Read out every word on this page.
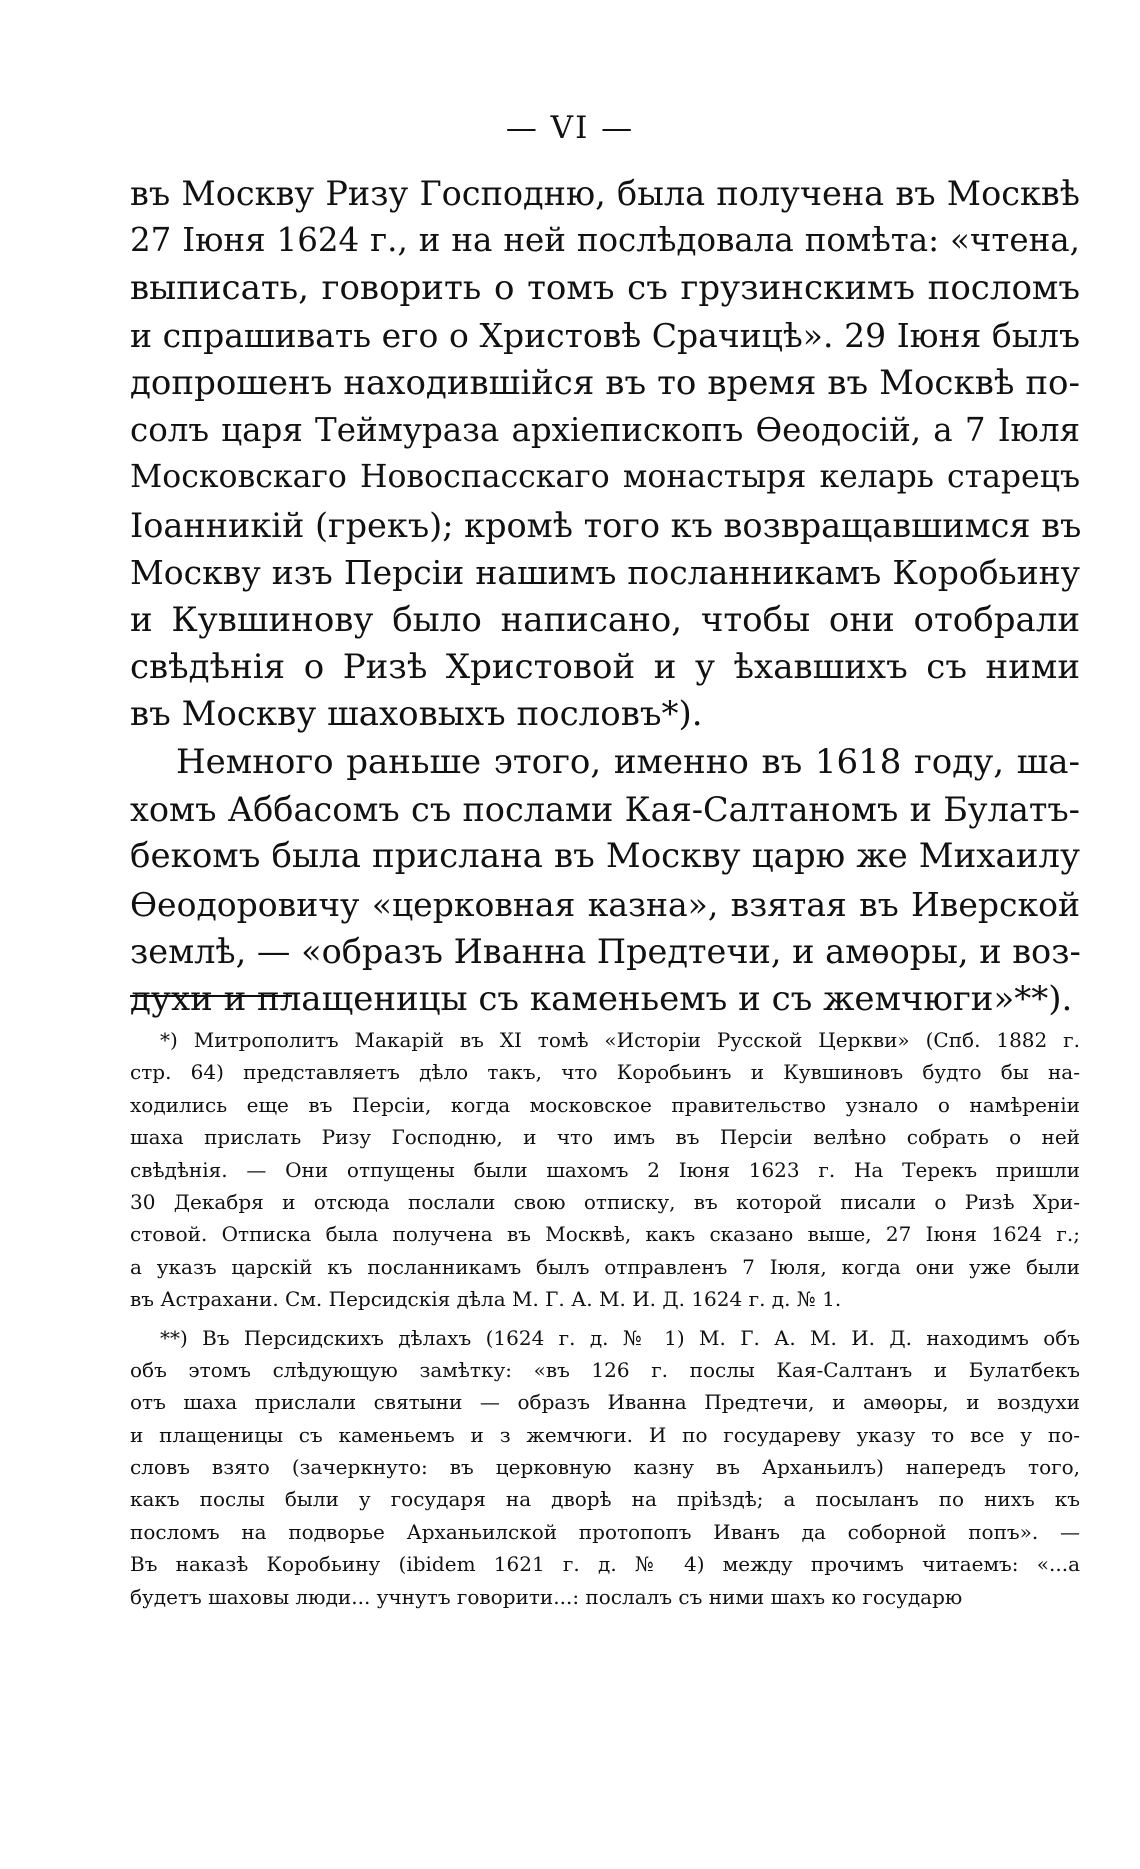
— VI —
въ Москву Ризу Господню, была получена въ Москвѣ
27 Іюня 1624 г., и на ней послѣдовала помѣта: «чтена,
выписать, говорить о томъ съ грузинскимъ посломъ
и спрашивать его о Христовѣ Срачицѣ». 29 Іюня былъ
допрошенъ находившійся въ то время въ Москвѣ по-
солъ царя Теймураза архіепископъ Ѳеодосій, а 7 Іюля
Московскаго Новоспасскаго монастыря келарь старецъ
Іоанникій (грекъ); кромѣ того къ возвращавшимся въ
Москву изъ Персіи нашимъ посланникамъ Коробьину
и Кувшинову было написано, чтобы они отобрали
свѣдѣнія о Ризѣ Христовой и у ѣхавшихъ съ ними
въ Москву шаховыхъ пословъ*).
Немного раньше этого, именно въ 1618 году, ша-
хомъ Аббасомъ съ послами Кая-Салтаномъ и Булатъ-
бекомъ была прислана въ Москву царю же Михаилу
Ѳеодоровичу «церковная казна», взятая въ Иверской
землѣ, — «образъ Иванна Предтечи, и амѳоры, и воз-
духи и плащеницы съ каменьемъ и съ жемчюги»**).
*) Митрополитъ Макарій въ XI томѣ «Исторіи Русской Церкви» (Спб. 1882 г.
стр. 64) представляетъ дѣло такъ, что Коробьинъ и Кувшиновъ будто бы на-
ходились еще въ Персіи, когда московское правительство узнало о намѣреніи
шаха прислать Ризу Господню, и что имъ въ Персіи велѣно собрать о ней
свѣдѣнія. — Они отпущены были шахомъ 2 Іюня 1623 г. На Терекъ пришли
30 Декабря и отсюда послали свою отписку, въ которой писали о Ризѣ Хри-
стовой. Отписка была получена въ Москвѣ, какъ сказано выше, 27 Іюня 1624 г.;
а указъ царскій къ посланникамъ былъ отправленъ 7 Іюля, когда они уже были
въ Астрахани. См. Персидскія дѣла М. Г. А. М. И. Д. 1624 г. д. № 1.
**) Въ Персидскихъ дѣлахъ (1624 г. д. № 1) М. Г. А. М. И. Д. находимъ объ
объ этомъ слѣдующую замѣтку: «въ 126 г. послы Кая-Салтанъ и Булатбекъ
отъ шаха прислали святыни — образъ Иванна Предтечи, и амѳоры, и воздухи
и плащеницы съ каменьемъ и з жемчюги. И по государеву указу то все у по-
словъ взято (зачеркнуто: въ церковную казну въ Арханьилъ) напередъ того,
какъ послы были у государя на дворѣ на пріѣздѣ; а посыланъ по нихъ къ
посломъ на подворье Арханьилской протопопъ Иванъ да соборной попъ». —
Въ наказѣ Коробьину (ibidem 1621 г. д. № 4) между прочимъ читаемъ: «...а
будетъ шаховы люди... учнутъ говорити...: послалъ съ ними шахъ ко государю
